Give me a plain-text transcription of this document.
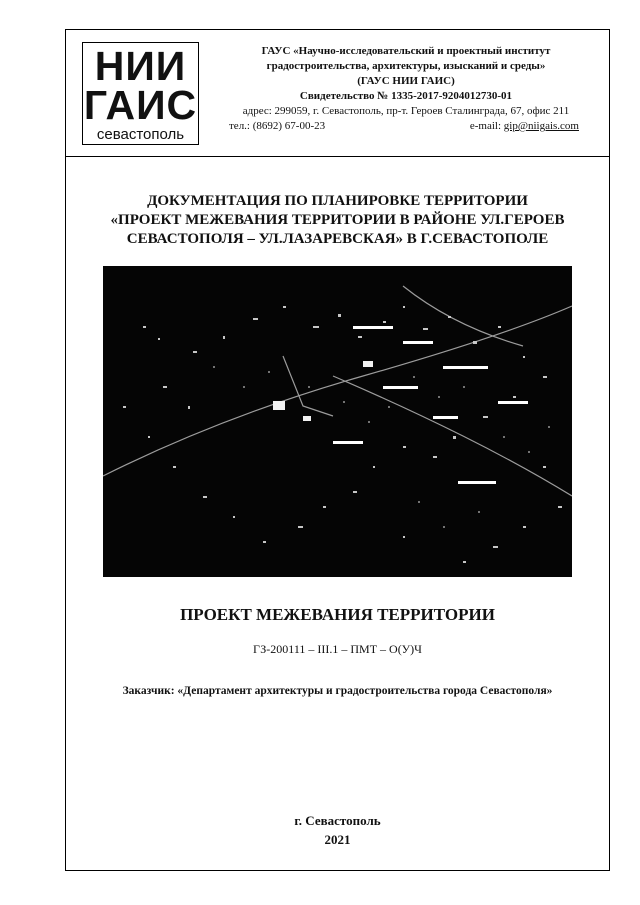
НИИ
ГАИС
севастополь
ГАУС «Научно-исследовательский и проектный институт
градостроительства, архитектуры, изысканий и среды»
(ГАУС НИИ ГАИС)
Свидетельство № 1335-2017-9204012730-01
адрес: 299059, г. Севастополь, пр-т. Героев Сталинграда, 67, офис 211
тел.: (8692) 67-00-23	e-mail: gip@niigais.com
ДОКУМЕНТАЦИЯ ПО ПЛАНИРОВКЕ ТЕРРИТОРИИ
«ПРОЕКТ МЕЖЕВАНИЯ ТЕРРИТОРИИ В РАЙОНЕ УЛ.ГЕРОЕВ
СЕВАСТОПОЛЯ – УЛ.ЛАЗАРЕВСКАЯ» В Г.СЕВАСТОПОЛЕ
ПРОЕКТ МЕЖЕВАНИЯ ТЕРРИТОРИИ
ГЗ-200111 – III.1 – ПМТ – О(У)Ч
Заказчик: «Департамент архитектуры и градостроительства города Севастополя»
г. Севастополь
2021
